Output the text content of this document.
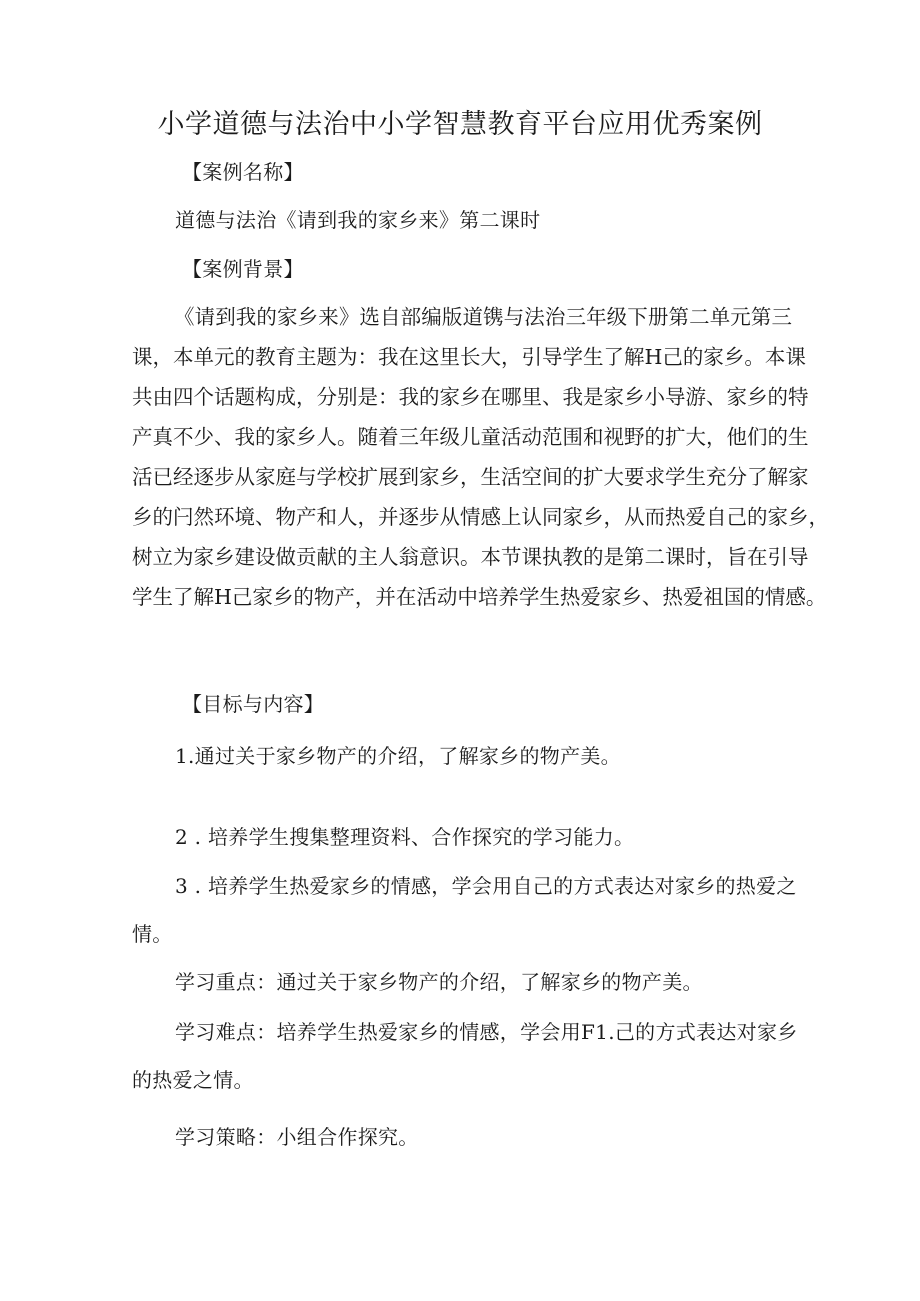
小学道德与法治中小学智慧教育平台应用优秀案例
【案例名称】
道德与法治《请到我的家乡来》第二课时
【案例背景】
《请到我的家乡来》选自部编版道镌与法治三年级下册第二单元第三
课，本单元的教育主题为：我在这里长大，引导学生了解H己的家乡。本课
共由四个话题构成，分别是：我的家乡在哪里、我是家乡小导游、家乡的特
产真不少、我的家乡人。随着三年级儿童活动范围和视野的扩大，他们的生
活已经逐步从家庭与学校扩展到家乡，生活空间的扩大要求学生充分了解家
乡的闩然环境、物产和人，并逐步从情感上认同家乡，从而热爱自己的家乡，
树立为家乡建设做贡献的主人翁意识。本节课执教的是第二课时，旨在引导
学生了解H己家乡的物产，并在活动中培养学生热爱家乡、热爱祖国的情感。
【目标与内容】
1.通过关于家乡物产的介绍，了解家乡的物产美。
2 . 培养学生搜集整理资料、合作探究的学习能力。
3 . 培养学生热爱家乡的情感，学会用自己的方式表达对家乡的热爱之
情。
学习重点：通过关于家乡物产的介绍，了解家乡的物产美。
学习难点：培养学生热爱家乡的情感，学会用F1.己的方式表达对家乡
的热爱之情。
学习策略：小组合作探究。
